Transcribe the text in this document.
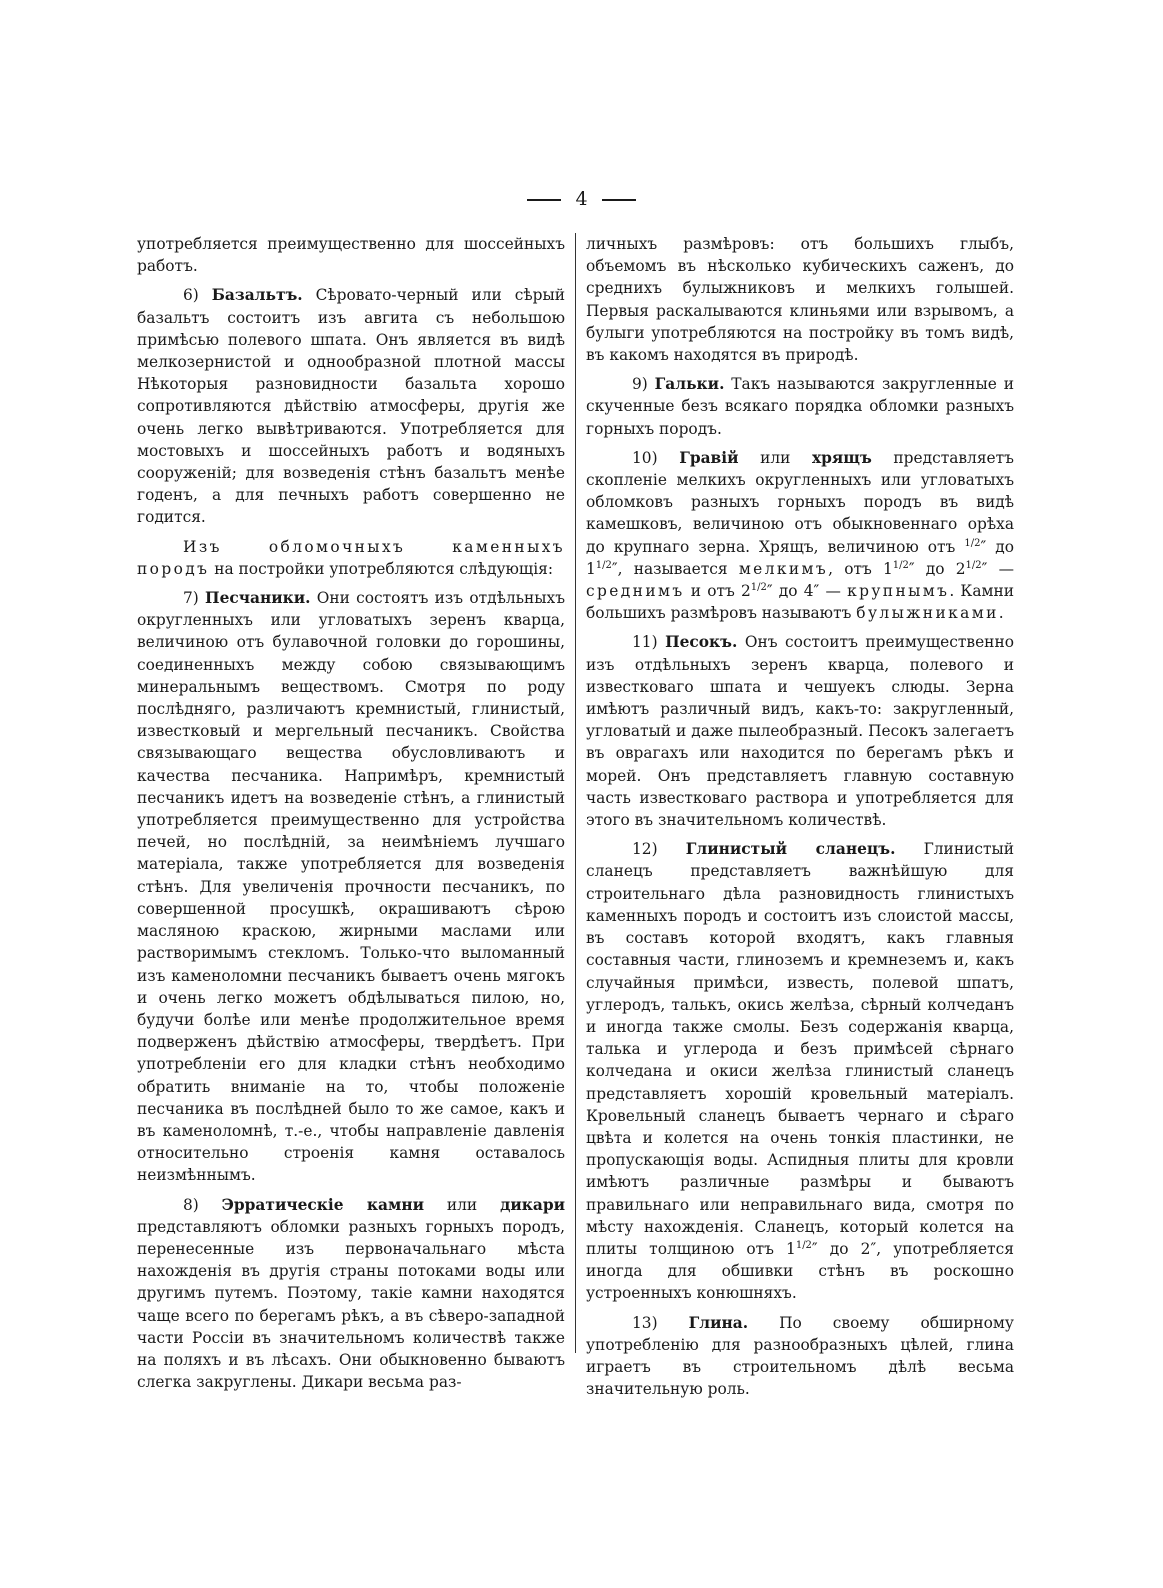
4

употребляется преимущественно для шоссейныхъ работъ.

6) Базальтъ. Сѣровато-черный или сѣрый базальтъ состоитъ изъ авгита съ небольшою примѣсью полевого шпата. Онъ является въ видѣ мелкозернистой и однообразной плотной массы Нѣкоторыя разновидности базальта хорошо сопротивляются дѣйствію атмосферы, другія же очень легко вывѣтриваются. Употребляется для мостовыхъ и шоссейныхъ работъ и водяныхъ сооруженій; для возведенія стѣнъ базальтъ менѣе годенъ, а для печныхъ работъ совершенно не годится.

Изъ обломочныхъ каменныхъ породъ на постройки употребляются слѣдующія:

7) Песчаники. Они состоятъ изъ отдѣльныхъ округленныхъ или угловатыхъ зеренъ кварца, величиною отъ булавочной головки до горошины, соединенныхъ между собою связывающимъ минеральнымъ веществомъ. Смотря по роду послѣдняго, различаютъ кремнистый, глинистый, известковый и мергельный песчаникъ. Свойства связывающаго вещества обусловливаютъ и качества песчаника. Напримѣръ, кремнистый песчаникъ идетъ на возведеніе стѣнъ, а глинистый употребляется преимущественно для устройства печей, но послѣдній, за неимѣніемъ лучшаго матеріала, также употребляется для возведенія стѣнъ. Для увеличенія прочности песчаникъ, по совершенной просушкѣ, окрашиваютъ сѣрою масляною краскою, жирными маслами или растворимымъ стекломъ. Только-что выломанный изъ каменоломни песчаникъ бываетъ очень мягокъ и очень легко можетъ обдѣлываться пилою, но, будучи болѣе или менѣе продолжительное время подверженъ дѣйствію атмосферы, твердѣетъ. При употребленіи его для кладки стѣнъ необходимо обратить вниманіе на то, чтобы положеніе песчаника въ послѣдней было то же самое, какъ и въ каменоломнѣ, т.-е., чтобы направленіе давленія относительно строенія камня оставалось неизмѣннымъ.

8) Эрратическіе камни или дикари представляютъ обломки разныхъ горныхъ породъ, перенесенные изъ первоначальнаго мѣста нахожденія въ другія страны потоками воды или другимъ путемъ. Поэтому, такіе камни находятся чаще всего по берегамъ рѣкъ, а въ сѣверо-западной части Россіи въ значительномъ количествѣ также на поляхъ и въ лѣсахъ. Они обыкновенно бываютъ слегка закруглены. Дикари весьма раз-

личныхъ размѣровъ: отъ большихъ глыбъ, объемомъ въ нѣсколько кубическихъ саженъ, до среднихъ булыжниковъ и мелкихъ голышей. Первыя раскалываются клиньями или взрывомъ, а булыги употребляются на постройку въ томъ видѣ, въ какомъ находятся въ природѣ.

9) Гальки. Такъ называются закругленные и скученные безъ всякаго порядка обломки разныхъ горныхъ породъ.

10) Гравій или хрящъ представляетъ скопленіе мелкихъ округленныхъ или угловатыхъ обломковъ разныхъ горныхъ породъ въ видѣ камешковъ, величиною отъ обыкновеннаго орѣха до крупнаго зерна. Хрящъ, величиною отъ $^{1/2}$″ до $1^{1/2}''$, называется мелкимъ, отъ $1^{1/2}''$ до $2^{1/2}''$ — среднимъ и отъ $2^{1/2}''$ до 4″ — крупнымъ. Камни большихъ размѣровъ называютъ булыжниками.

11) Песокъ. Онъ состоитъ преимущественно изъ отдѣльныхъ зеренъ кварца, полевого и известковаго шпата и чешуекъ слюды. Зерна имѣютъ различный видъ, какъ-то: закругленный, угловатый и даже пылеобразный. Песокъ залегаетъ въ оврагахъ или находится по берегамъ рѣкъ и морей. Онъ представляетъ главную составную часть известковаго раствора и употребляется для этого въ значительномъ количествѣ.

12) Глинистый сланецъ. Глинистый сланецъ представляетъ важнѣйшую для строительнаго дѣла разновидность глинистыхъ каменныхъ породъ и состоитъ изъ слоистой массы, въ составъ которой входятъ, какъ главныя составныя части, глиноземъ и кремнеземъ и, какъ случайныя примѣси, известь, полевой шпатъ, углеродъ, талькъ, окись желѣза, сѣрный колчеданъ и иногда также смолы. Безъ содержанія кварца, талька и углерода и безъ примѣсей сѣрнаго колчедана и окиси желѣза глинистый сланецъ представляетъ хорошій кровельный матеріалъ. Кровельный сланецъ бываетъ чернаго и сѣраго цвѣта и колется на очень тонкія пластинки, не пропускающія воды. Аспидныя плиты для кровли имѣютъ различные размѣры и бываютъ правильнаго или неправильнаго вида, смотря по мѣсту нахожденія. Сланецъ, который колется на плиты толщиною отъ $1^{1/2}''$ до 2″, употребляется иногда для обшивки стѣнъ въ роскошно устроенныхъ конюшняхъ.

13) Глина. По своему обширному употребленію для разнообразныхъ цѣлей, глина играетъ въ строительномъ дѣлѣ весьма значительную роль.
